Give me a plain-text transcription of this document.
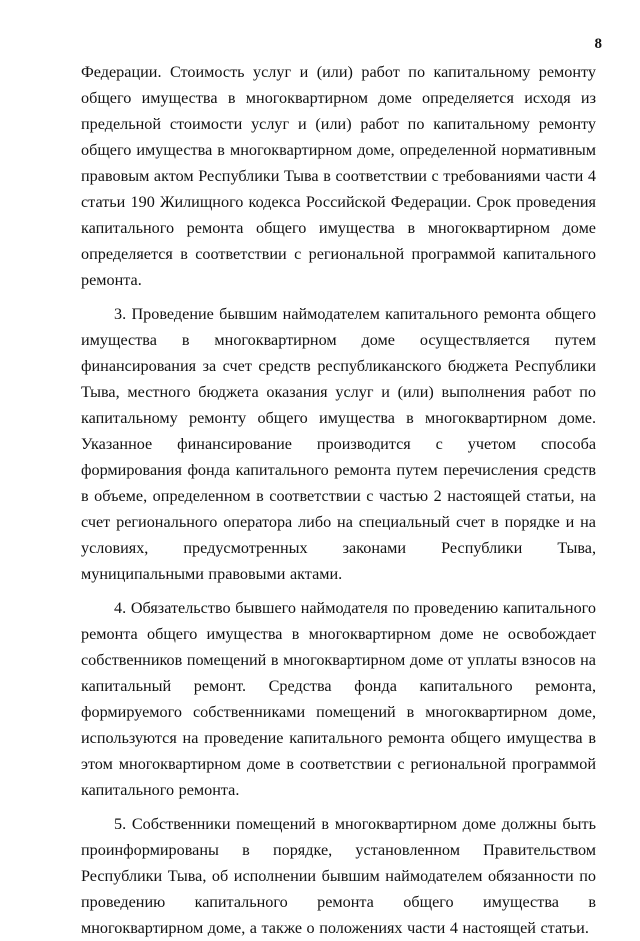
8

Федерации. Стоимость услуг и (или) работ по капитальному ремонту общего имущества в многоквартирном доме определяется исходя из предельной стоимости услуг и (или) работ по капитальному ремонту общего имущества в многоквартирном доме, определенной нормативным правовым актом Республики Тыва в соответствии с требованиями части 4 статьи 190 Жилищного кодекса Российской Федерации. Срок проведения капитального ремонта общего имущества в многоквартирном доме определяется в соответствии с региональной программой капитального ремонта.

3. Проведение бывшим наймодателем капитального ремонта общего имущества в многоквартирном доме осуществляется путем финансирования за счет средств республиканского бюджета Республики Тыва, местного бюджета оказания услуг и (или) выполнения работ по капитальному ремонту общего имущества в многоквартирном доме. Указанное финансирование производится с учетом способа формирования фонда капитального ремонта путем перечисления средств в объеме, определенном в соответствии с частью 2 настоящей статьи, на счет регионального оператора либо на специальный счет в порядке и на условиях, предусмотренных законами Республики Тыва, муниципальными правовыми актами.

4. Обязательство бывшего наймодателя по проведению капитального ремонта общего имущества в многоквартирном доме не освобождает собственников помещений в многоквартирном доме от уплаты взносов на капитальный ремонт. Средства фонда капитального ремонта, формируемого собственниками помещений в многоквартирном доме, используются на проведение капитального ремонта общего имущества в этом многоквартирном доме в соответствии с региональной программой капитального ремонта.

5. Собственники помещений в многоквартирном доме должны быть проинформированы в порядке, установленном Правительством Республики Тыва, об исполнении бывшим наймодателем обязанности по проведению капитального ремонта общего имущества в многоквартирном доме, а также о положениях части 4 настоящей статьи.
